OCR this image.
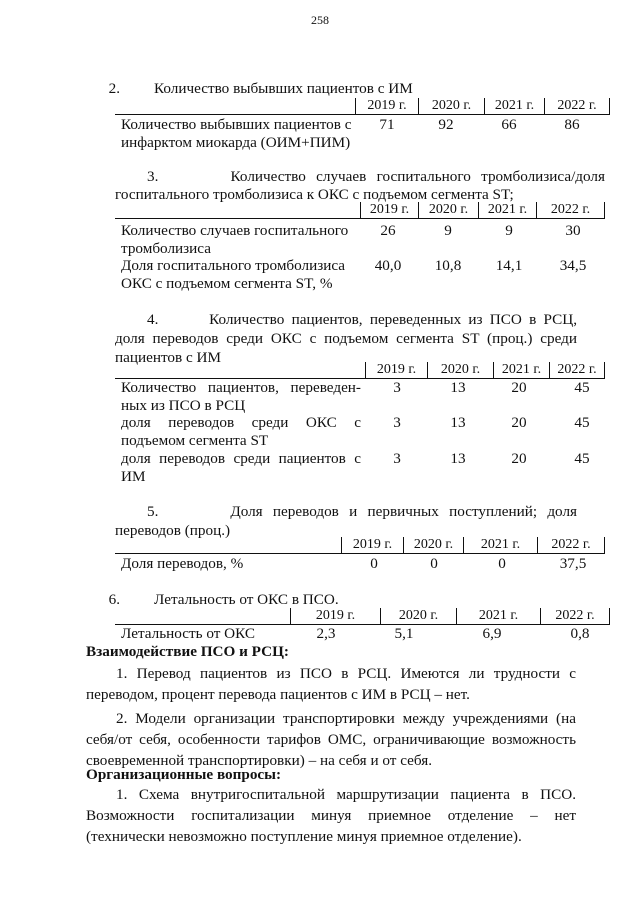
258
2. Количество выбывших пациентов с ИМ
2019 г.	2020 г.	2021 г.	2022 г.
Количество выбывших пациентов с
инфарктом миокарда (ОИМ+ПИМ)
71	92	66	86
3.	Количество случаев госпитального тромболизиса/доля
госпитального тромболизиса к ОКС с подъемом сегмента ST;
2019 г.	2020 г.	2021 г.	2022 г.
Количество случаев госпитального
тромболизиса
26	9	9	30
Доля госпитального тромболизиса
ОКС с подъемом сегмента ST, %
40,0	10,8	14,1	34,5
4.	Количество пациентов, переведенных из ПСО в РСЦ,
доля переводов среди ОКС с подъемом сегмента ST (проц.) среди
пациентов с ИМ
2019 г.	2020 г.	2021 г.	2022 г.
Количество пациентов, переведен-
ных из ПСО в РСЦ
3	13	20	45
доля переводов среди ОКС с
подъемом сегмента ST
3	13	20	45
доля переводов среди пациентов с
ИМ
3	13	20	45
5.	Доля переводов и первичных поступлений; доля
переводов (проц.)
2019 г.	2020 г.	2021 г.	2022 г.
Доля переводов, %	0	0	0	37,5
6. Летальность от ОКС в ПСО.
2019 г.	2020 г.	2021 г.	2022 г.
Летальность от ОКС	2,3	5,1	6,9	0,8
Взаимодействие ПСО и РСЦ:
1. Перевод пациентов из ПСО в РСЦ. Имеются ли трудности с переводом, процент перевода пациентов с ИМ в РСЦ – нет.
2. Модели организации транспортировки между учреждениями (на себя/от себя, особенности тарифов ОМС, ограничивающие возможность своевременной транспортировки) – на себя и от себя.
Организационные вопросы:
1. Схема внутригоспитальной маршрутизации пациента в ПСО. Возможности госпитализации минуя приемное отделение – нет (техничеcки невозможно поступление минуя приемное отделение).
